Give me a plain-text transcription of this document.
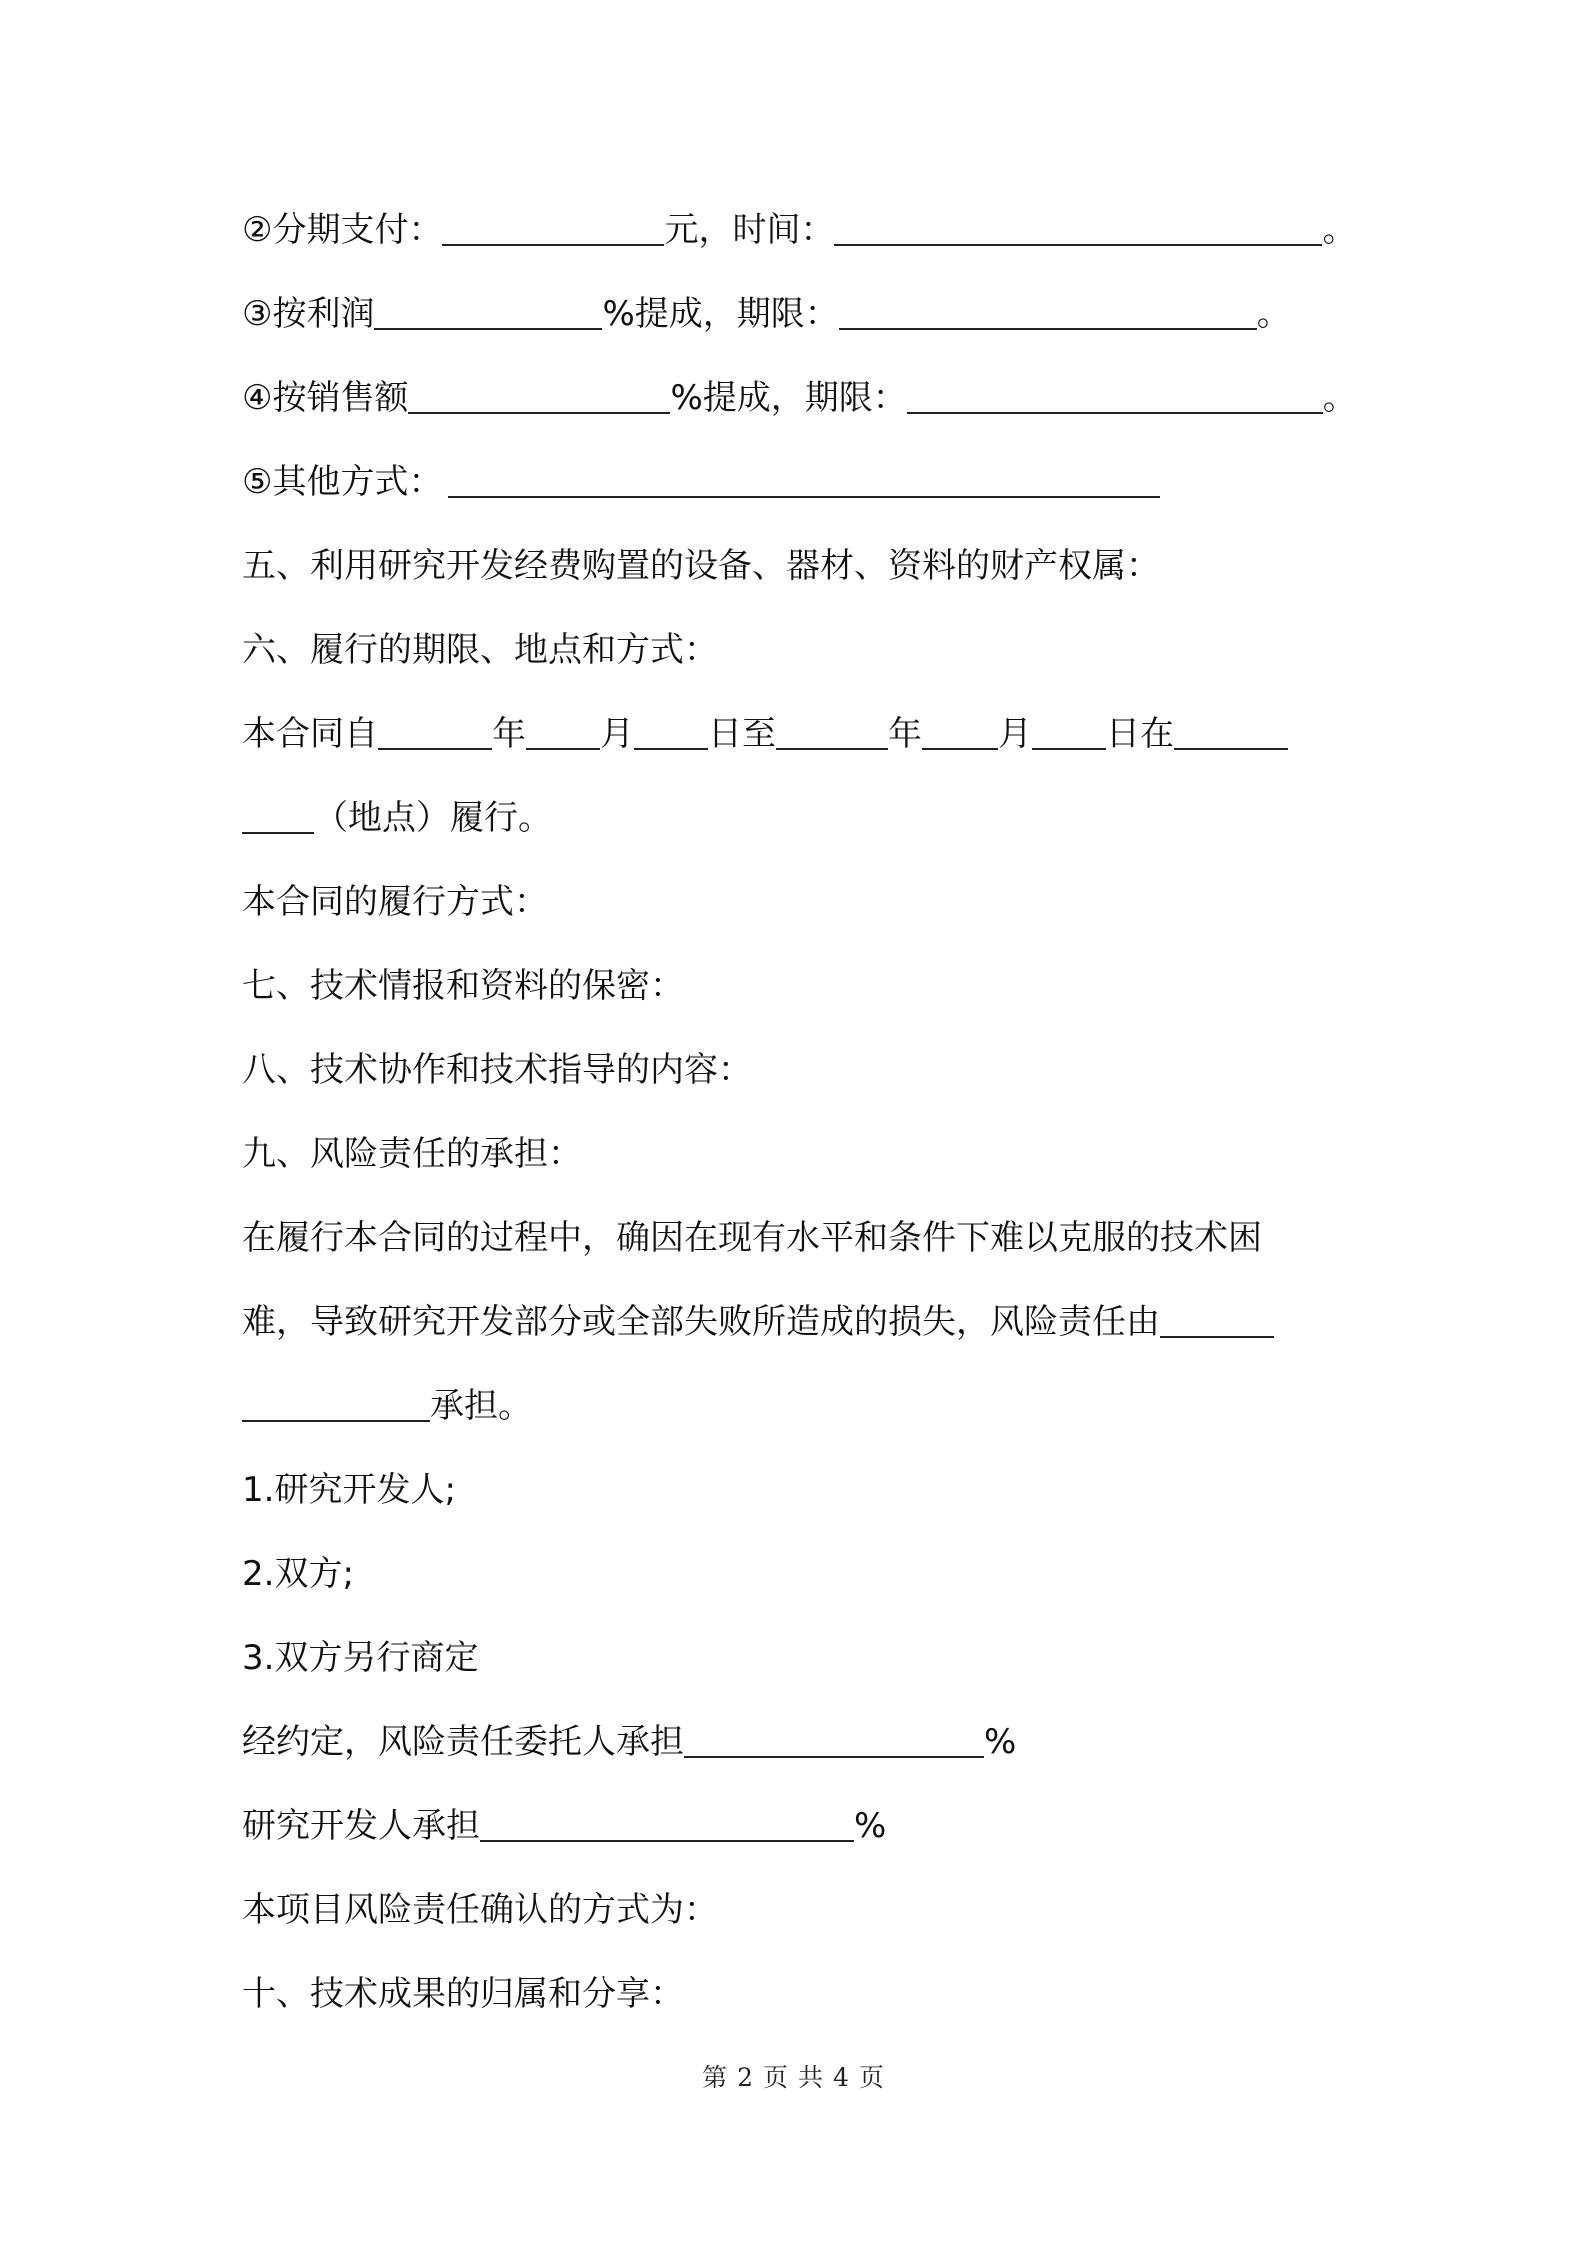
②分期支付：	元，时间：	。
③按利润	%提成，期限：	。
④按销售额	%提成，期限：	。
⑤其他方式：
五、利用研究开发经费购置的设备、器材、资料的财产权属：
六、履行的期限、地点和方式：
本合同自	年 月 日至	年 月 日在
（地点）履行。
本合同的履行方式：
七、技术情报和资料的保密：
八、技术协作和技术指导的内容：
九、风险责任的承担：
在履行本合同的过程中，确因在现有水平和条件下难以克服的技术困
难，导致研究开发部分或全部失败所造成的损失，风险责任由
承担。
1.研究开发人;
2.双方;
3.双方另行商定
经约定，风险责任委托人承担	%
研究开发人承担	%
本项目风险责任确认的方式为：
十、技术成果的归属和分享：
第 2 页 共 4 页
